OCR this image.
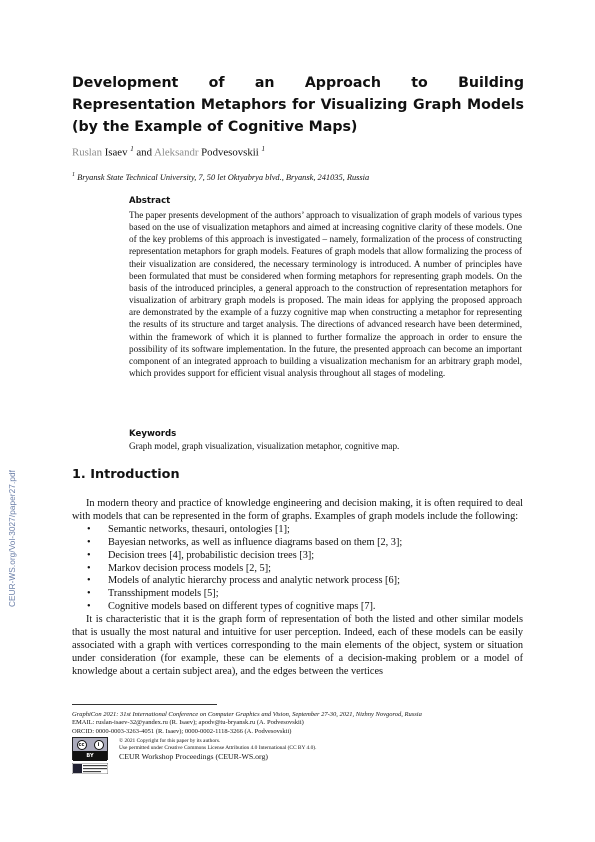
CEUR-WS.org/Vol-3027/paper27.pdf
Development of an Approach to Building Representation Metaphors for Visualizing Graph Models (by the Example of Cognitive Maps)
Ruslan Isaev $^1$ and Aleksandr Podvesovskii $^1$
$^1$ Bryansk State Technical University, 7, 50 let Oktyabrya blvd., Bryansk, 241035, Russia
Abstract

The paper presents development of the authors’ approach to visualization of graph models of various types based on the use of visualization metaphors and aimed at increasing cognitive clarity of these models. One of the key problems of this approach is investigated – namely, formalization of the process of constructing representation metaphors for graph models. Features of graph models that allow formalizing the process of their visualization are considered, the necessary terminology is introduced. A number of principles have been formulated that must be considered when forming metaphors for representing graph models. On the basis of the introduced principles, a general approach to the construction of representation metaphors for visualization of arbitrary graph models is proposed. The main ideas for applying the proposed approach are demonstrated by the example of a fuzzy cognitive map when constructing a metaphor for representing the results of its structure and target analysis. The directions of advanced research have been determined, within the framework of which it is planned to further formalize the approach in order to ensure the possibility of its software implementation. In the future, the presented approach can become an important component of an integrated approach to building a visualization mechanism for an arbitrary graph model, which provides support for efficient visual analysis throughout all stages of modeling.

Keywords
Graph model, graph visualization, visualization metaphor, cognitive map.
1. Introduction

In modern theory and practice of knowledge engineering and decision making, it is often required to deal with models that can be represented in the form of graphs. Examples of graph models include the following:

• Semantic networks, thesauri, ontologies [1];
• Bayesian networks, as well as influence diagrams based on them [2, 3];
• Decision trees [4], probabilistic decision trees [3];
• Markov decision process models [2, 5];
• Models of analytic hierarchy process and analytic network process [6];
• Transshipment models [5];
• Cognitive models based on different types of cognitive maps [7].

It is characteristic that it is the graph form of representation of both the listed and other similar models that is usually the most natural and intuitive for user perception. Indeed, each of these models can be easily associated with a graph with vertices corresponding to the main elements of the object, system or situation under consideration (for example, these can be elements of a decision-making problem or a model of knowledge about a certain subject area), and the edges between the vertices

GraphiCon 2021: 31st International Conference on Computer Graphics and Vision, September 27-30, 2021, Nizhny Novgorod, Russia
EMAIL: ruslan-isaev-32@yandex.ru (R. Isaev); apodv@tu-bryansk.ru (A. Podvesovskii)
ORCID: 0000-0003-3263-4051 (R. Isaev); 0000-0002-1118-3266 (A. Podvesovskii)
cc	i
BY
© 2021 Copyright for this paper by its authors.
Use permitted under Creative Commons License Attribution 4.0 International (CC BY 4.0).
CEUR Workshop Proceedings (CEUR-WS.org)
